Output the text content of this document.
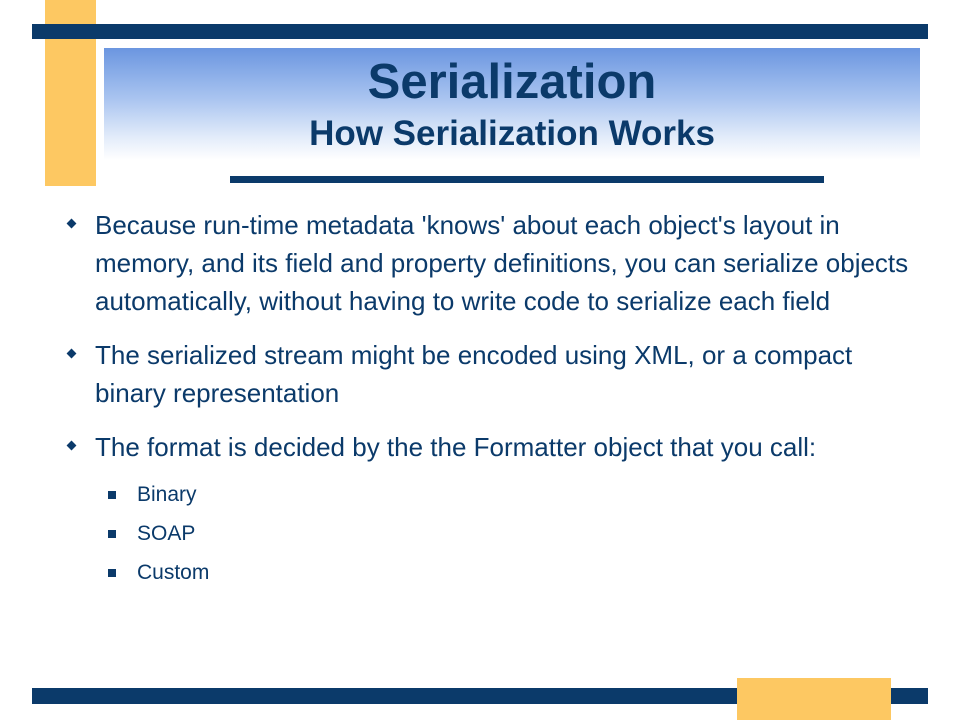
Serialization
How Serialization Works
Because run-time metadata 'knows' about each object's layout in memory, and its field and property definitions, you can serialize objects automatically, without having to write code to serialize each field
The serialized stream might be encoded using XML, or a compact binary representation
The format is decided by the the Formatter object that you call:
Binary
SOAP
Custom
